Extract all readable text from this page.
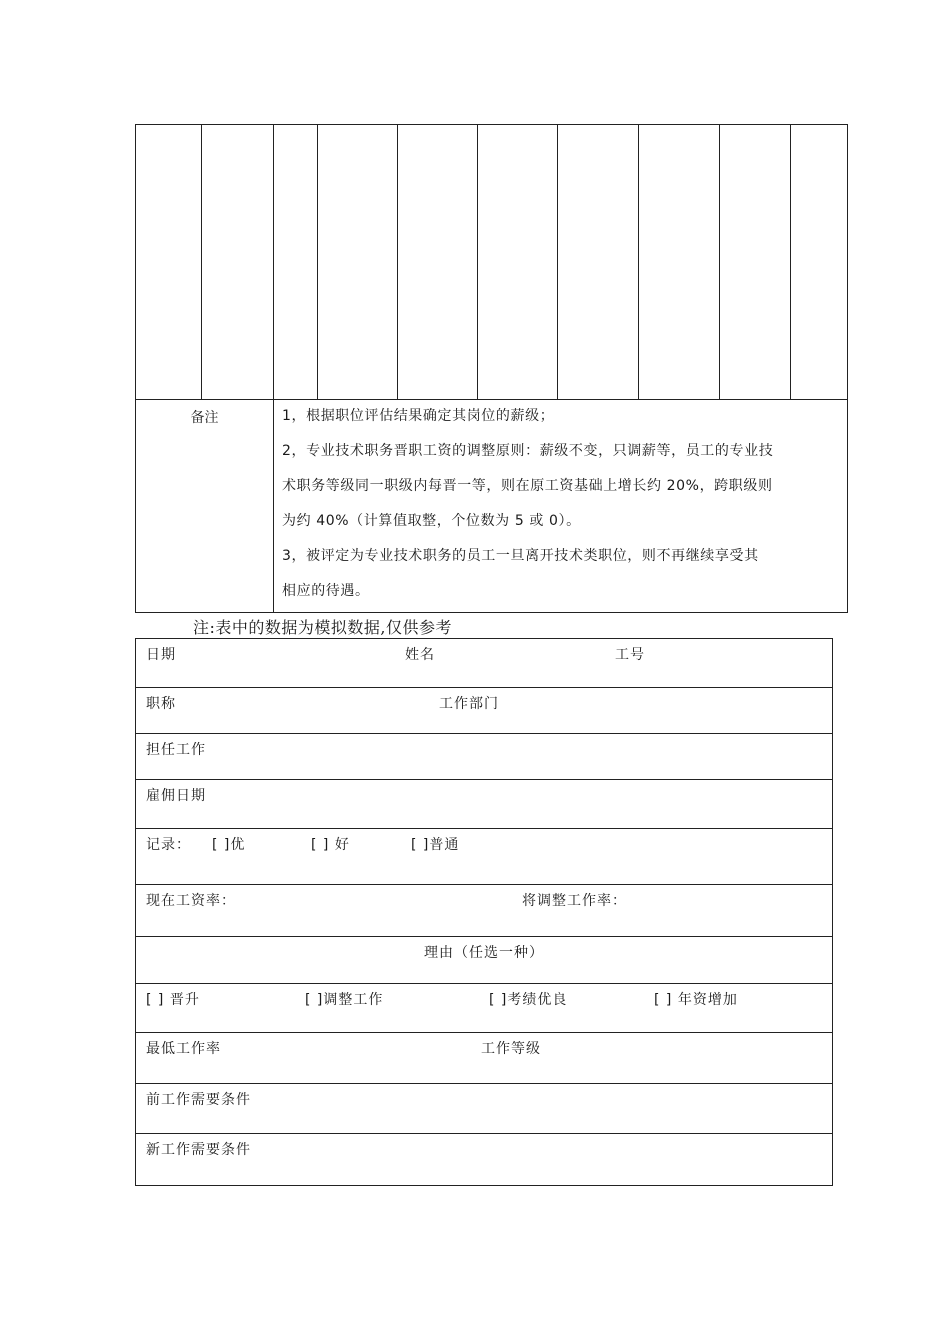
备注	1，根据职位评估结果确定其岗位的薪级；
2，专业技术职务晋职工资的调整原则：薪级不变，只调薪等，员工的专业技
术职务等级同一职级内每晋一等，则在原工资基础上增长约 20%，跨职级则
为约 40%（计算值取整，个位数为 5 或 0）。
3，被评定为专业技术职务的员工一旦离开技术类职位，则不再继续享受其
相应的待遇。
注:表中的数据为模拟数据,仅供参考
日期	姓名	工号
职称	工作部门
担任工作
雇佣日期
记录： [ ]优	[ ] 好	[ ]普通
现在工资率：	将调整工作率：
理由（任选一种）
[ ] 晋升	[ ]调整工作	[ ]考绩优良	[ ] 年资增加
最低工作率	工作等级
前工作需要条件
新工作需要条件
